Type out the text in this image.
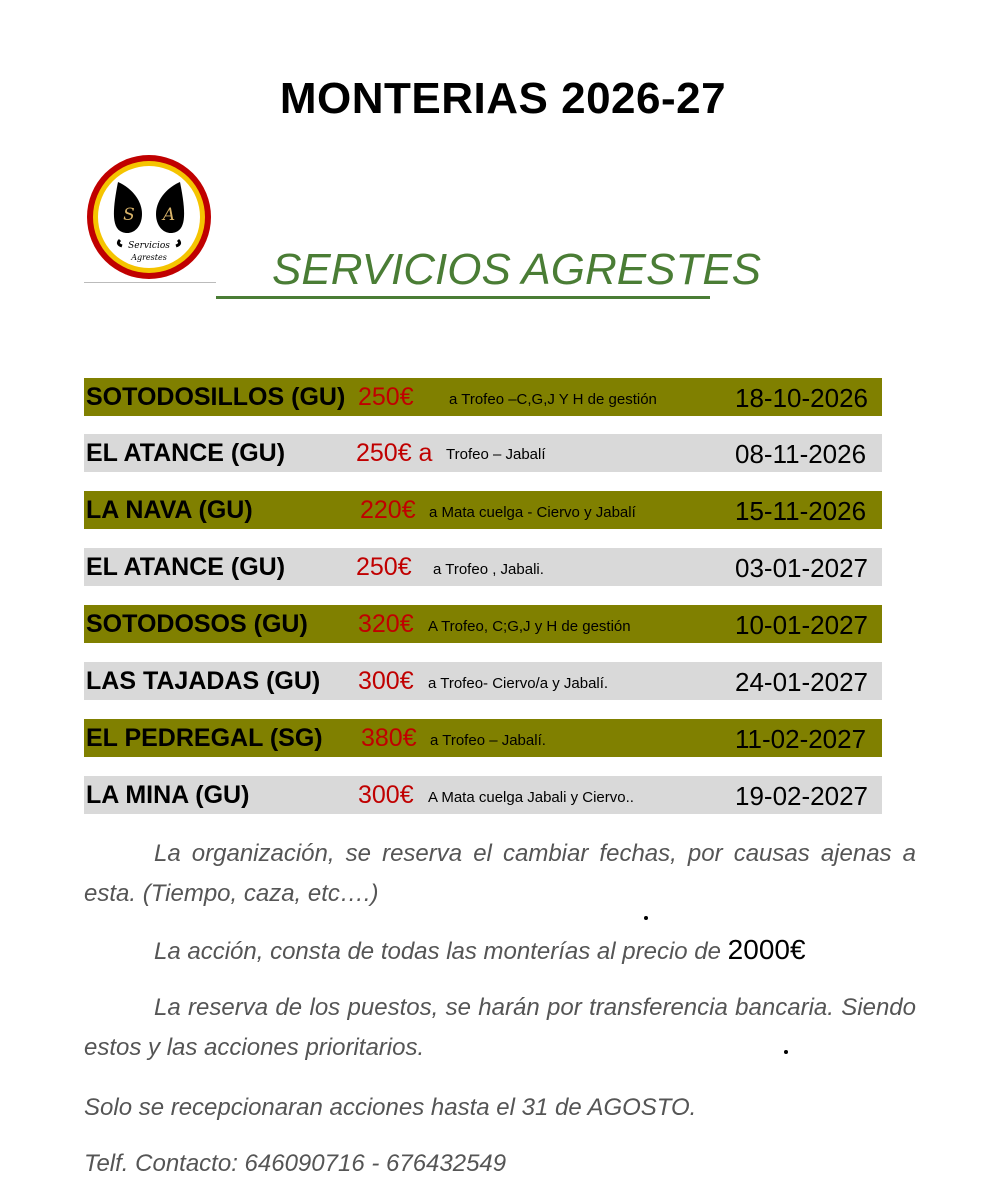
MONTERIAS 2026-27
S A
Servicios
Agrestes	SERVICIOS AGRESTES
SOTODOSILLOS (GU) 250€ a Trofeo –C,G,J Y H de gestión	18-10-2026
EL ATANCE (GU)	250€ a Trofeo – Jabalí	08-11-2026
LA NAVA (GU)	220€ a Mata cuelga - Ciervo y Jabalí	15-11-2026
EL ATANCE (GU)	250€ a Trofeo , Jabali.	03-01-2027
SOTODOSOS (GU) 320€ A Trofeo, C;G,J y H de gestión	10-01-2027
LAS TAJADAS (GU) 300€ a Trofeo- Ciervo/a y Jabalí.	24-01-2027
EL PEDREGAL (SG) 380€ a Trofeo – Jabalí.	11-02-2027
LA MINA (GU)	300€ A Mata cuelga Jabali y Ciervo..	19-02-2027

La organización, se reserva el cambiar fechas, por causas ajenas a esta. (Tiempo, caza, etc….)

La acción, consta de todas las monterías al precio de 2000€

La reserva de los puestos, se harán por transferencia bancaria. Siendo estos y las acciones prioritarios.

Solo se recepcionaran acciones hasta el 31 de AGOSTO.

Telf. Contacto: 646090716 - 676432549
